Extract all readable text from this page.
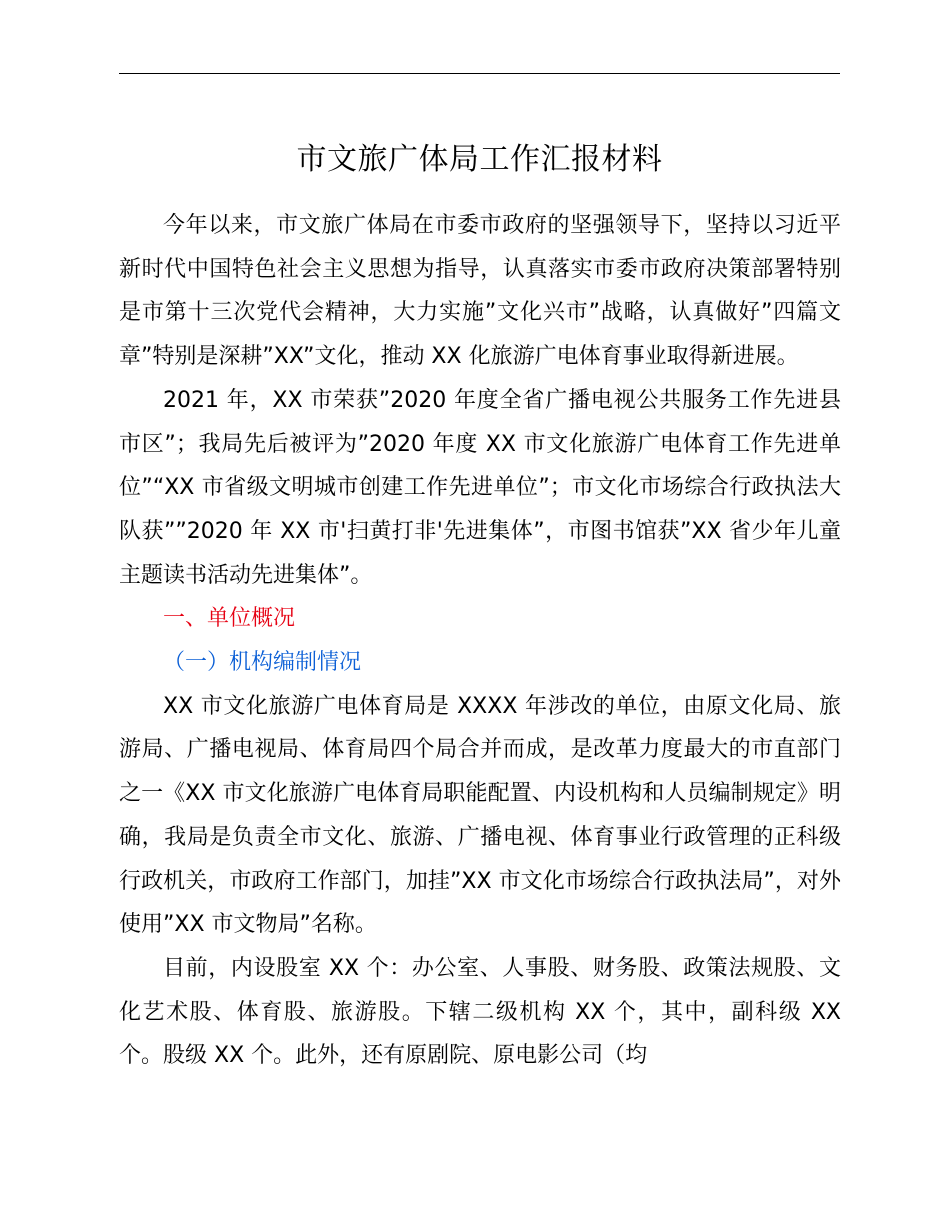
市文旅广体局工作汇报材料

今年以来，市文旅广体局在市委市政府的坚强领导下，坚持以习近平新时代中国特色社会主义思想为指导，认真落实市委市政府决策部署特别是市第十三次党代会精神，大力实施”文化兴市”战略，认真做好”四篇文章”特别是深耕”XX”文化，推动 XX 化旅游广电体育事业取得新进展。

2021 年，XX 市荣获”2020 年度全省广播电视公共服务工作先进县市区”；我局先后被评为”2020 年度 XX 市文化旅游广电体育工作先进单位”“XX 市省级文明城市创建工作先进单位”；市文化市场综合行政执法大队获””2020 年 XX 市'扫黄打非'先进集体”，市图书馆获”XX 省少年儿童主题读书活动先进集体”。

一、单位概况

（一）机构编制情况

XX 市文化旅游广电体育局是 XXXX 年涉改的单位，由原文化局、旅游局、广播电视局、体育局四个局合并而成，是改革力度最大的市直部门之一《XX 市文化旅游广电体育局职能配置、内设机构和人员编制规定》明确，我局是负责全市文化、旅游、广播电视、体育事业行政管理的正科级行政机关，市政府工作部门，加挂”XX 市文化市场综合行政执法局”，对外使用”XX 市文物局”名称。

目前，内设股室 XX 个：办公室、人事股、财务股、政策法规股、文化艺术股、体育股、旅游股。下辖二级机构 XX 个，其中，副科级 XX 个。股级 XX 个。此外，还有原剧院、原电影公司（均
